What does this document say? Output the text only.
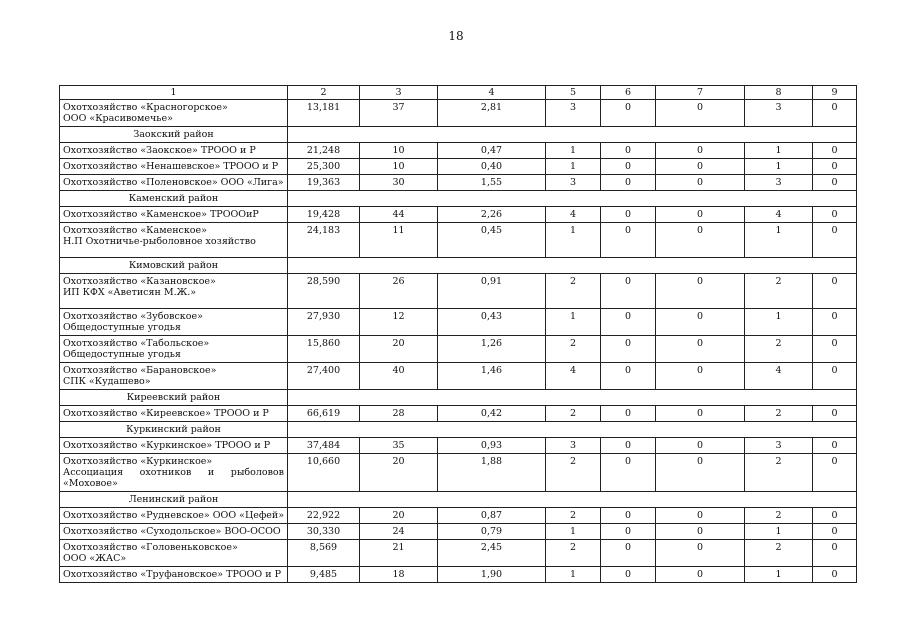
18
1	2	3	4	5	6	7	8	9

Охотхозяйство «Красногорское»
ООО «Красивомечье»	13,181	37	2,81	3	0	0	3	0
Заокский район								

Охотхозяйство «Заокское» ТРООО и Р	21,248	10	0,47	1	0	0	1	0

Охотхозяйство «Ненашевское» ТРООО и Р	25,300	10	0,40	1	0	0	1	0

Охотхозяйство «Поленовское» ООО «Лига»	19,363	30	1,55	3	0	0	3	0
Каменский район								

Охотхозяйство «Каменское» ТРОООиР	19,428	44	2,26	4	0	0	4	0

Охотхозяйство «Каменское»
Н.П Охотничье-рыболовное хозяйство	24,183	11	0,45	1	0	0	1	0
Кимовский район								

Охотхозяйство «Казановское»
ИП КФХ «Аветисян М.Ж.»	28,590	26	0,91	2	0	0	2	0

Охотхозяйство «Зубовское»
Общедоступные угодья	27,930	12	0,43	1	0	0	1	0

Охотхозяйство «Табольское»
Общедоступные угодья	15,860	20	1,26	2	0	0	2	0

Охотхозяйство «Барановское»
СПК «Кудашево»	27,400	40	1,46	4	0	0	4	0
Киреевский район								

Охотхозяйство «Киреевское» ТРООО и Р	66,619	28	0,42	2	0	0	2	0
Куркинский район								

Охотхозяйство «Куркинское» ТРООО и Р	37,484	35	0,93	3	0	0	3	0

Охотхозяйство «Куркинское»
Ассоциация охотников и рыболовов
«Моховое»	10,660	20	1,88	2	0	0	2	0
Ленинский район								

Охотхозяйство «Рудневское» ООО «Цефей»	22,922	20	0,87	2	0	0	2	0

Охотхозяйство «Суходольское» ВОО-ОСОО	30,330	24	0,79	1	0	0	1	0

Охотхозяйство «Головеньковское»
ООО «ЖАС»	8,569	21	2,45	2	0	0	2	0

Охотхозяйство «Труфановское» ТРООО и Р	9,485	18	1,90	1	0	0	1	0
